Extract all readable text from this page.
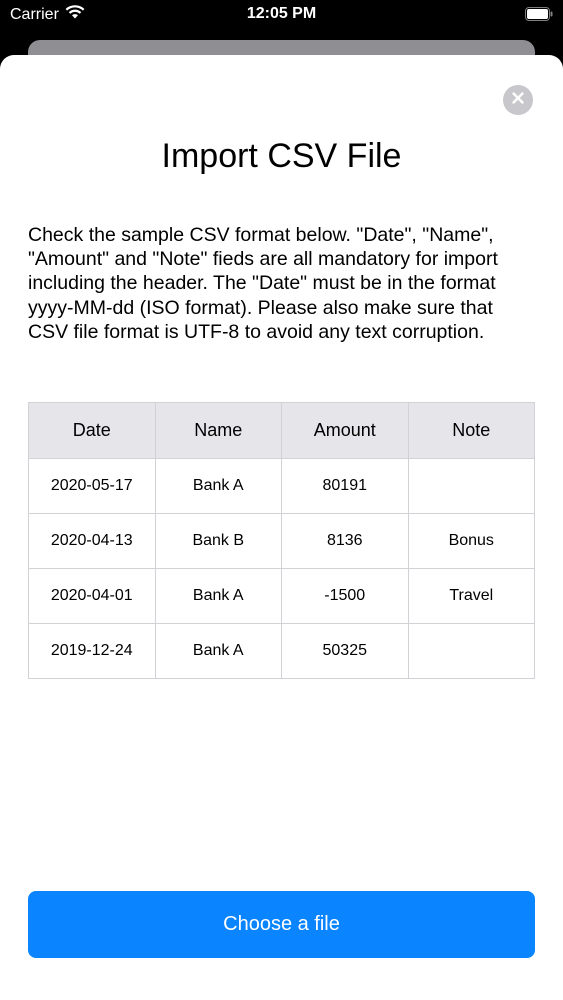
Carrier	12:05 PM
Import CSV File
Check the sample CSV format below. "Date", "Name", "Amount" and "Note" fieds are all mandatory for import including the header. The "Date" must be in the format yyyy-MM-dd (ISO format). Please also make sure that CSV file format is UTF-8 to avoid any text corruption.
Date	Name	Amount	Note
2020-05-17	Bank A	80191	
2020-04-13	Bank B	8136	Bonus
2020-04-01	Bank A	-1500	Travel
2019-12-24	Bank A	50325	
Choose a file
